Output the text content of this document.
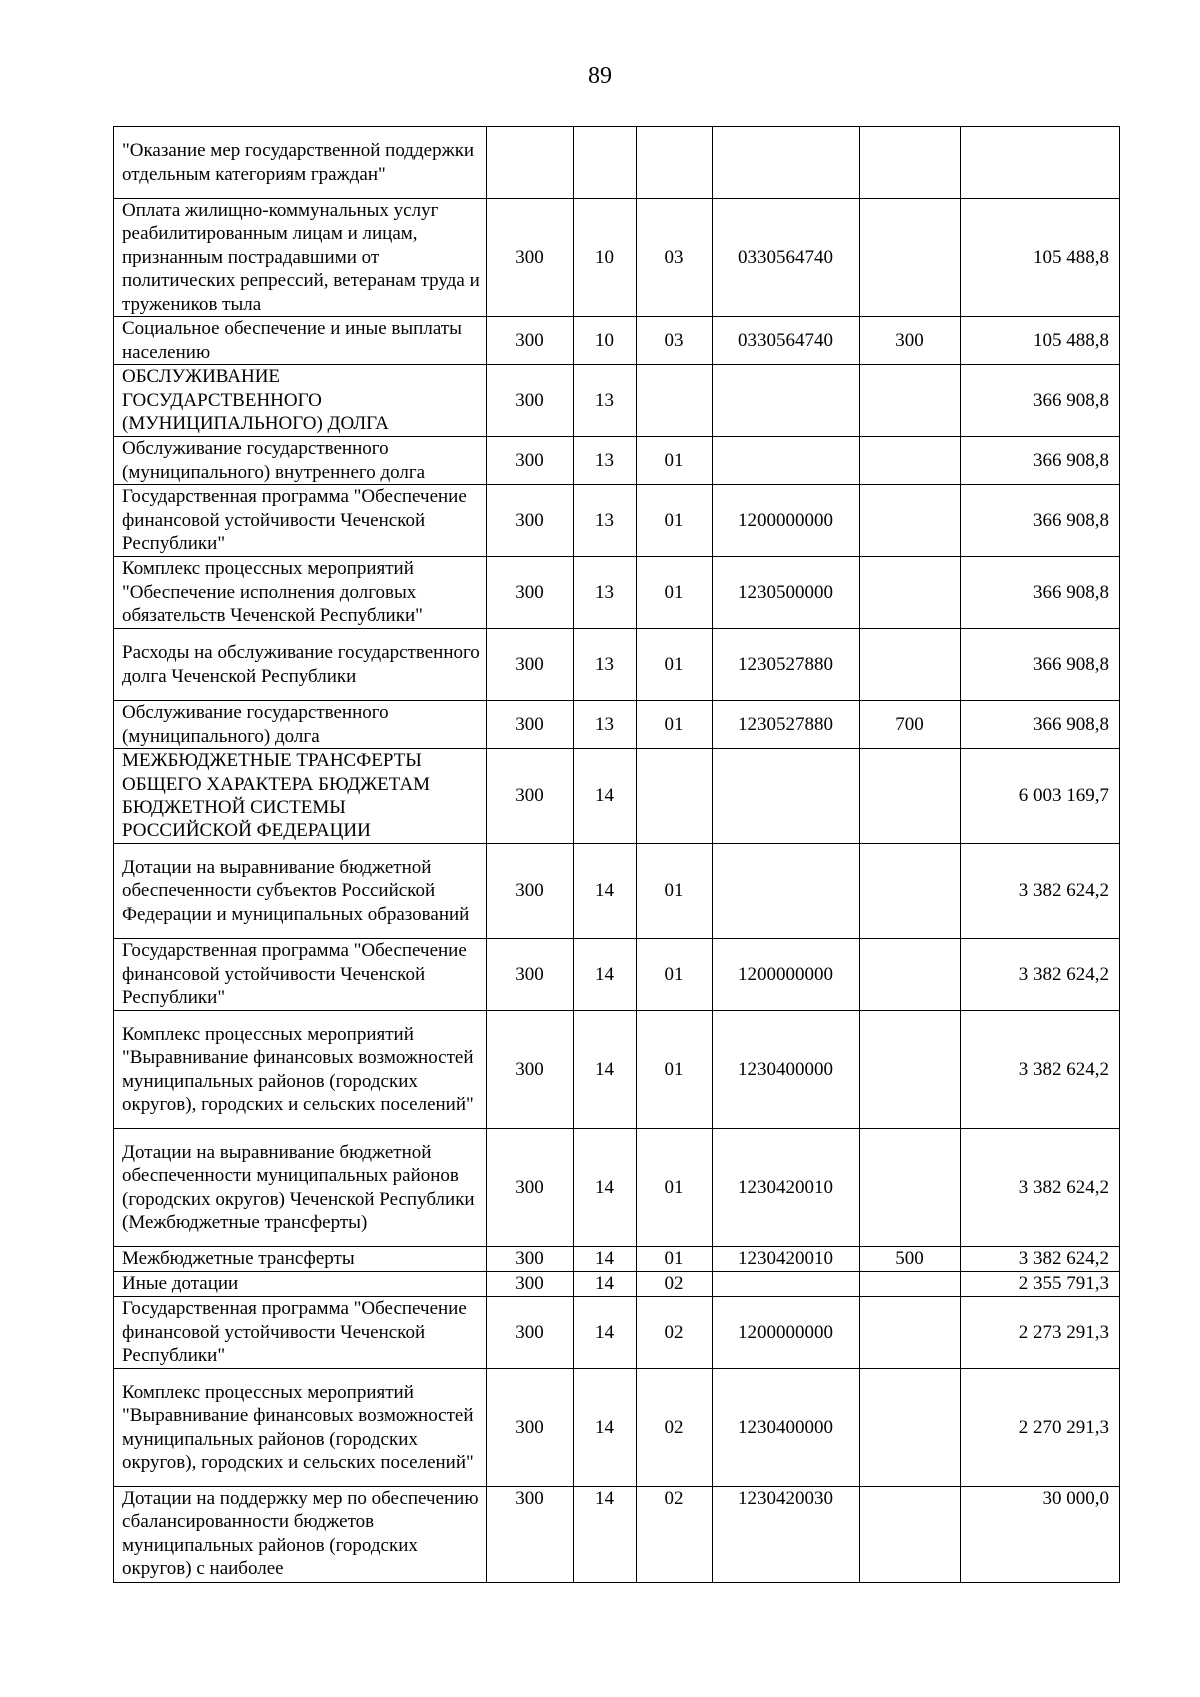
89
"Оказание мер государственной поддержки отдельным категориям граждан"						
Оплата жилищно-коммунальных услуг реабилитированным лицам и лицам, признанным пострадавшими от политических репрессий, ветеранам труда и тружеников тыла	300	10	03	0330564740		105 488,8
Социальное обеспечение и иные выплаты населению	300	10	03	0330564740	300	105 488,8
ОБСЛУЖИВАНИЕ ГОСУДАРСТВЕННОГО (МУНИЦИПАЛЬНОГО) ДОЛГА	300	13				366 908,8
Обслуживание государственного (муниципального) внутреннего долга	300	13	01			366 908,8
Государственная программа "Обеспечение финансовой устойчивости Чеченской Республики"	300	13	01	1200000000		366 908,8
Комплекс процессных мероприятий "Обеспечение исполнения долговых обязательств Чеченской Республики"	300	13	01	1230500000		366 908,8
Расходы на обслуживание государственного долга Чеченской Республики	300	13	01	1230527880		366 908,8
Обслуживание государственного (муниципального) долга	300	13	01	1230527880	700	366 908,8
МЕЖБЮДЖЕТНЫЕ ТРАНСФЕРТЫ ОБЩЕГО ХАРАКТЕРА БЮДЖЕТАМ БЮДЖЕТНОЙ СИСТЕМЫ РОССИЙСКОЙ ФЕДЕРАЦИИ	300	14				6 003 169,7
Дотации на выравнивание бюджетной обеспеченности субъектов Российской Федерации и муниципальных образований	300	14	01			3 382 624,2
Государственная программа "Обеспечение финансовой устойчивости Чеченской Республики"	300	14	01	1200000000		3 382 624,2
Комплекс процессных мероприятий "Выравнивание финансовых возможностей муниципальных районов (городских округов), городских и сельских поселений"	300	14	01	1230400000		3 382 624,2
Дотации на выравнивание бюджетной обеспеченности муниципальных районов (городских округов) Чеченской Республики (Межбюджетные трансферты)	300	14	01	1230420010		3 382 624,2
Межбюджетные трансферты	300	14	01	1230420010	500	3 382 624,2
Иные дотации	300	14	02			2 355 791,3
Государственная программа "Обеспечение финансовой устойчивости Чеченской Республики"	300	14	02	1200000000		2 273 291,3
Комплекс процессных мероприятий "Выравнивание финансовых возможностей муниципальных районов (городских округов), городских и сельских поселений"	300	14	02	1230400000		2 270 291,3
Дотации на поддержку мер по обеспечению сбалансированности бюджетов муниципальных районов (городских округов) с наиболее	300	14	02	1230420030		30 000,0
